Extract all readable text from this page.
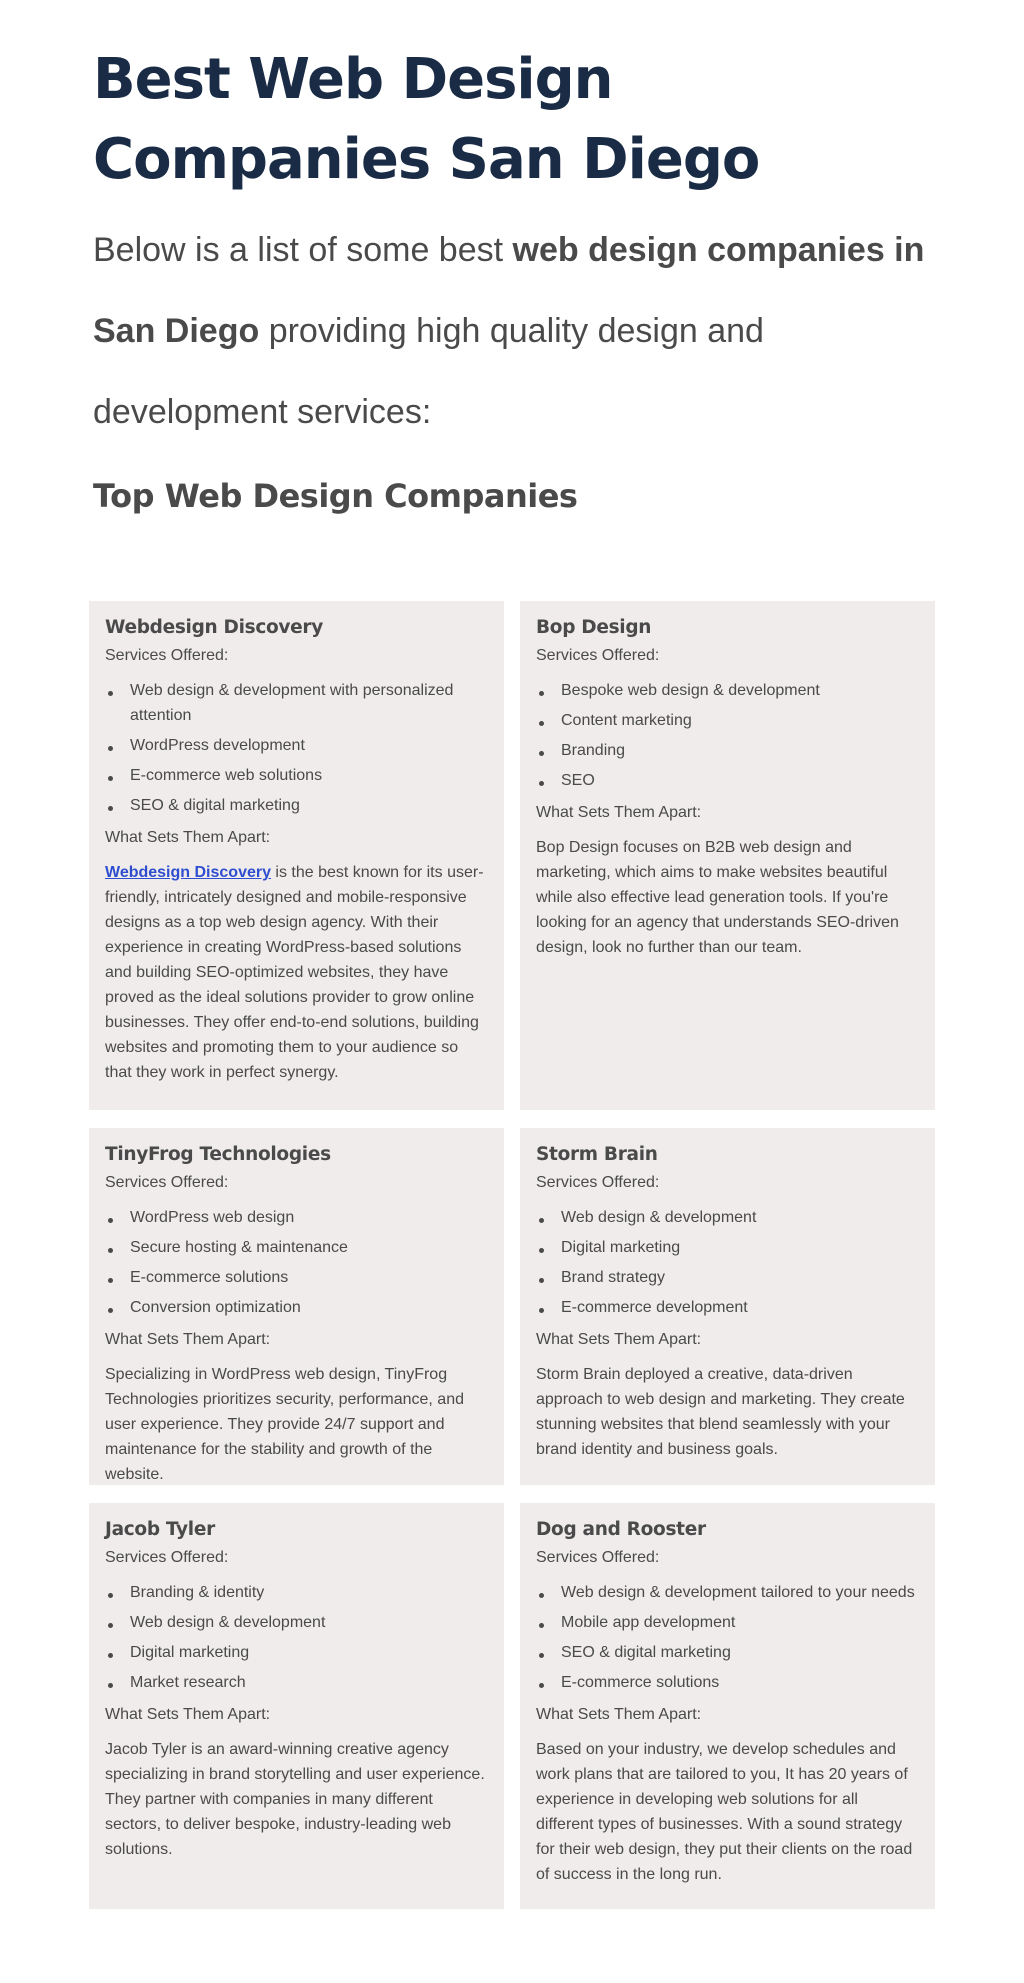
Best Web Design Companies San Diego

Below is a list of some best web design companies in San Diego providing high quality design and development services:

Top Web Design Companies
Webdesign Discovery
Services Offered:
Web design & development with personalized attention
WordPress development
E-commerce web solutions
SEO & digital marketing
What Sets Them Apart:

Webdesign Discovery is the best known for its user-friendly, intricately designed and mobile-responsive designs as a top web design agency. With their experience in creating WordPress-based solutions and building SEO-optimized websites, they have proved as the ideal solutions provider to grow online businesses. They offer end-to-end solutions, building websites and promoting them to your audience so that they work in perfect synergy.

Bop Design
Services Offered:
Bespoke web design & development
Content marketing
Branding
SEO
What Sets Them Apart:

Bop Design focuses on B2B web design and marketing, which aims to make websites beautiful while also effective lead generation tools. If you're looking for an agency that understands SEO-driven design, look no further than our team.

TinyFrog Technologies
Services Offered:
WordPress web design
Secure hosting & maintenance
E-commerce solutions
Conversion optimization
What Sets Them Apart:

Specializing in WordPress web design, TinyFrog Technologies prioritizes security, performance, and user experience. They provide 24/7 support and maintenance for the stability and growth of the website.

Storm Brain
Services Offered:
Web design & development
Digital marketing
Brand strategy
E-commerce development
What Sets Them Apart:

Storm Brain deployed a creative, data-driven approach to web design and marketing. They create stunning websites that blend seamlessly with your brand identity and business goals.

Jacob Tyler
Services Offered:
Branding & identity
Web design & development
Digital marketing
Market research
What Sets Them Apart:

Jacob Tyler is an award-winning creative agency specializing in brand storytelling and user experience. They partner with companies in many different sectors, to deliver bespoke, industry-leading web solutions.

Dog and Rooster
Services Offered:
Web design & development tailored to your needs
Mobile app development
SEO & digital marketing
E-commerce solutions
What Sets Them Apart:

Based on your industry, we develop schedules and work plans that are tailored to you, It has 20 years of experience in developing web solutions for all different types of businesses. With a sound strategy for their web design, they put their clients on the road of success in the long run.
